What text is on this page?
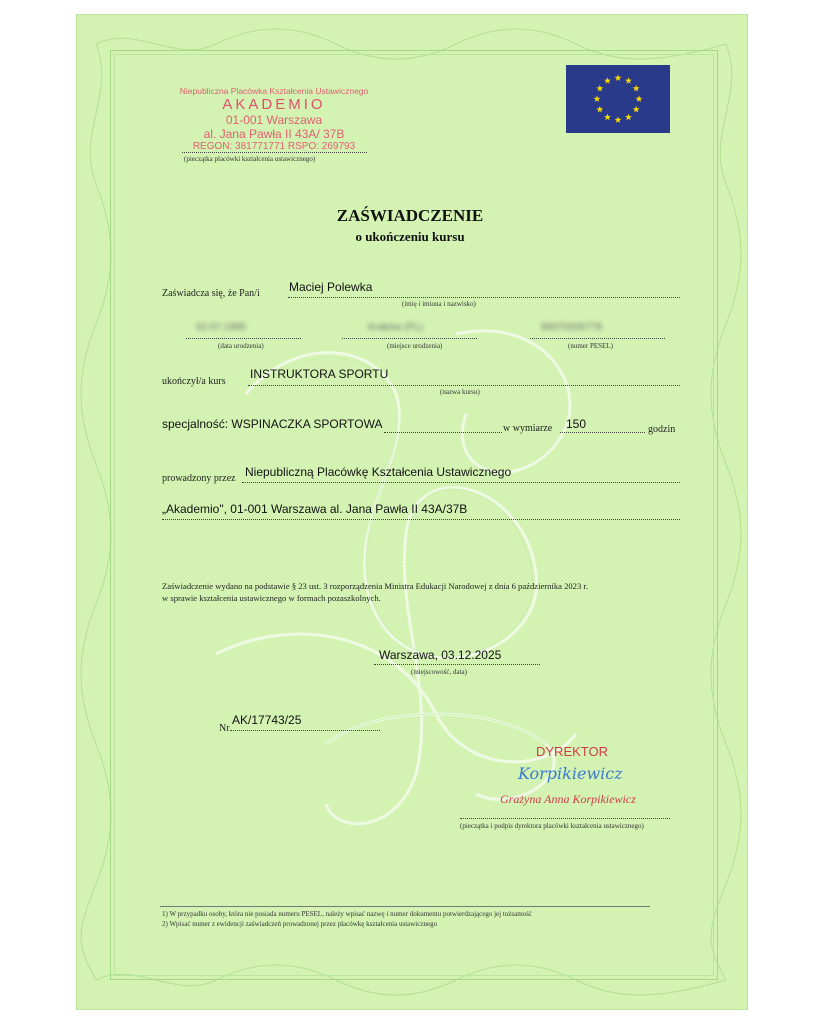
Niepubliczna Placówka Kształcenia Ustawicznego
AKADEMIO
01-001 Warszawa
al. Jana Pawła II 43A/ 37B
REGON: 381771771 RSPO: 269793
(pieczątka placówki kształcenia ustawicznego)
ZAŚWIADCZENIE
o ukończeniu kursu
Zaświadcza się, że Pan/i Maciej Polewka
(imię i imiona i nazwisko)
02.07.1995
(data urodzenia)
Kraków (PL)
(miejsce urodzenia)
95070200778
(numer PESEL)
ukończył/a kurs
INSTRUKTORA SPORTU
(nazwa kursu)
specjalność: WSPINACZKA SPORTOWA	w wymiarze 150	godzin
prowadzony przez Niepubliczną Placówkę Kształcenia Ustawicznego
„Akademio", 01-001 Warszawa al. Jana Pawła II 43A/37B
Zaświadczenie wydano na podstawie § 23 ust. 3 rozporządzenia Ministra Edukacji Narodowej z dnia 6 października 2023 r.
w sprawie kształcenia ustawicznego w formach pozaszkolnych.
Warszawa, 03.12.2025
(miejscowość, data)
Nr
AK/17743/25
DYREKTOR
Korpikiewicz
Grażyna Anna Korpikiewicz
(pieczątka i podpis dyrektora placówki kształcenia ustawicznego)
1) W przypadku osoby, która nie posiada numeru PESEL, należy wpisać nazwę i numer dokumentu potwierdzającego jej tożsamość
2) Wpisać numer z ewidencji zaświadczeń prowadzonej przez placówkę kształcenia ustawicznego
